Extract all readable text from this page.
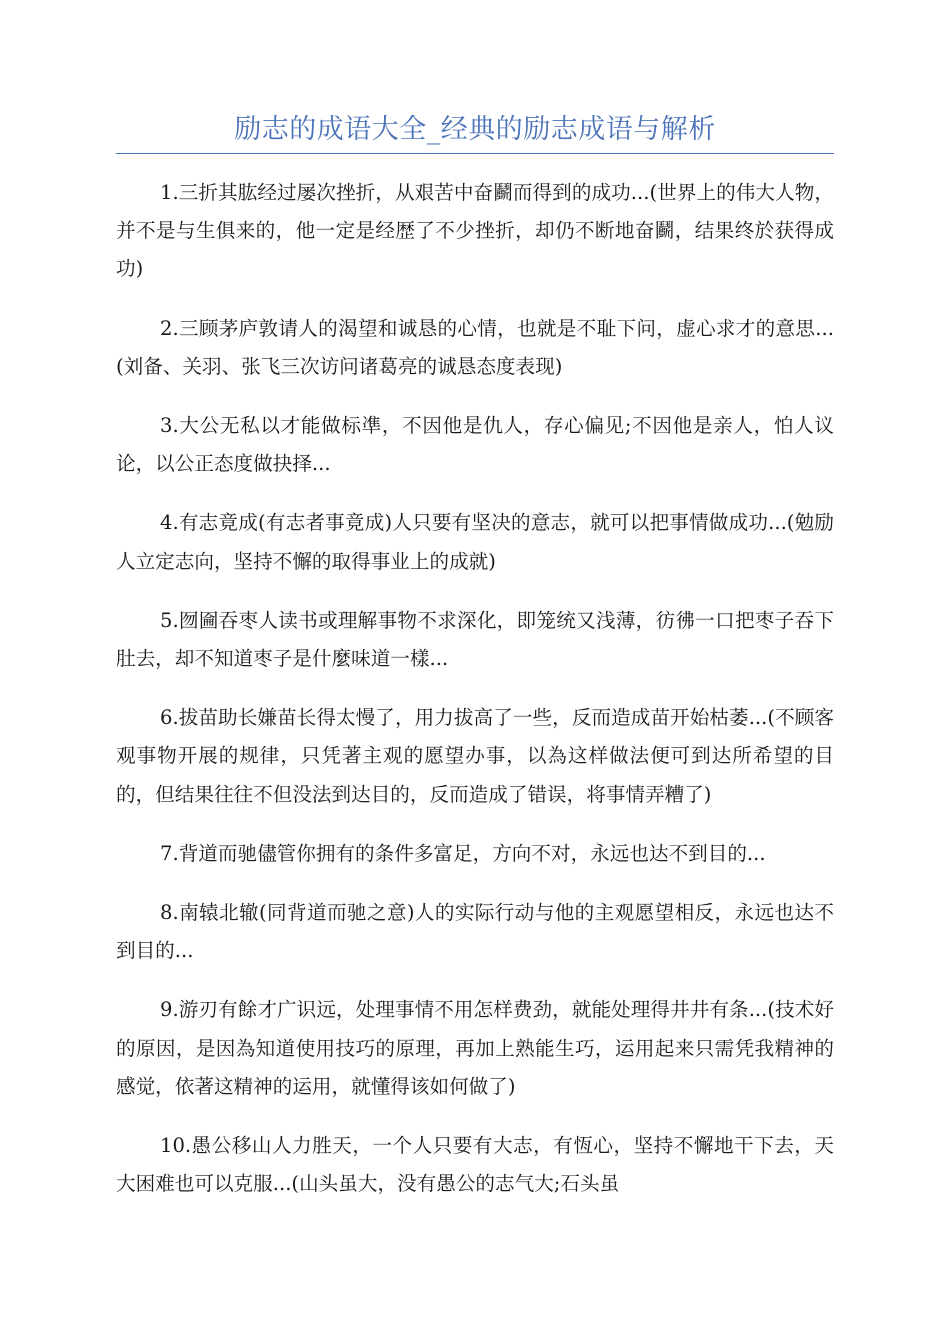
励志的成语大全_经典的励志成语与解析

1.三折其肱经过屡次挫折，从艰苦中奋鬬而得到的成功...(世界上的伟大人物，并不是与生俱来的，他一定是经歴了不少挫折，却仍不断地奋鬬，结果终於获得成功)

2.三顾茅庐敦请人的渴望和诚恳的心情，也就是不耻下问，虚心求才的意思...(刘备、关羽、张飞三次访问诸葛亮的诚恳态度表现)

3.大公无私以才能做标凖，不因他是仇人，存心偏见;不因他是亲人，怕人议论，以公正态度做抉择...

4.有志竟成(有志者事竟成)人只要有坚决的意志，就可以把事情做成功...(勉励人立定志向，坚持不懈的取得事业上的成就)

5.囫圇吞枣人读书或理解事物不求深化，即笼统又浅薄，彷彿一口把枣子吞下肚去，却不知道枣子是什麼味道一樣...

6.拔苗助长嫌苗长得太慢了，用力拔高了一些，反而造成苗开始枯萎...(不顾客观事物开展的规律，只凭著主观的愿望办事，以為这样做法便可到达所希望的目的，但结果往往不但没法到达目的，反而造成了错误，将事情弄糟了)

7.背道而驰儘管你拥有的条件多富足，方向不对，永远也达不到目的...

8.南辕北辙(同背道而驰之意)人的实际行动与他的主观愿望相反，永远也达不到目的...

9.游刃有餘才广识远，处理事情不用怎样费劲，就能处理得井井有条...(技术好的原因，是因為知道使用技巧的原理，再加上熟能生巧，运用起来只需凭我精神的感觉，依著这精神的运用，就懂得该如何做了)

10.愚公移山人力胜天，一个人只要有大志，有恆心，坚持不懈地干下去，天大困难也可以克服...(山头虽大，没有愚公的志气大;石头虽
